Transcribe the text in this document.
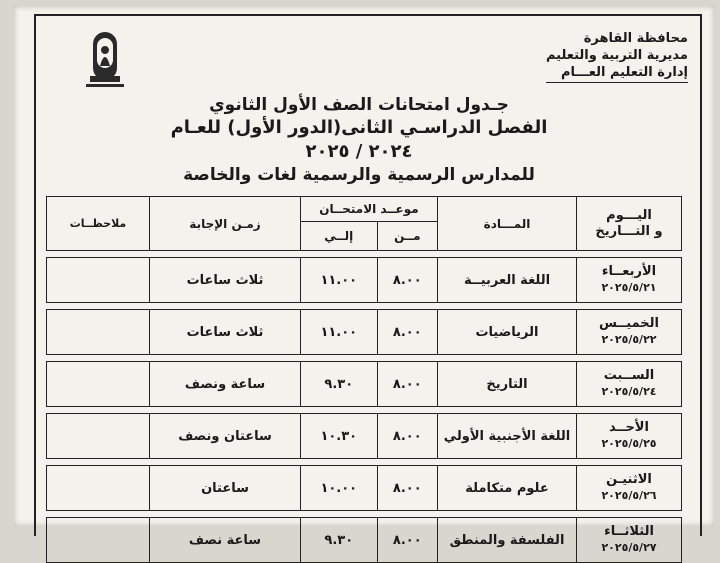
محافظة القاهرة
مديرية التربية والتعليم
إدارة التعليم العـــام
جـدول امتحانات الصف الأول الثانوي
الفصل الدراسـي الثانى(الدور الأول) للعـام ٢٠٢٤ / ٢٠٢٥
للمدارس الرسمية والرسمية لغات والخاصة
اليـــوم
و التـــاريخ	المـــادة	موعــد الامتحــان		زمـن الإجابة	ملاحظــات
		مــن	إلــي		

الأربعــاء
٢٠٢٥/٥/٢١	اللغة العربيــة	٨.٠٠	١١.٠٠	ثلاث ساعات	

الخميــس
٢٠٢٥/٥/٢٢	الرياضيات	٨.٠٠	١١.٠٠	ثلاث ساعات	

الســبت
٢٠٢٥/٥/٢٤	التاريخ	٨.٠٠	٩.٣٠	ساعة ونصف	

الأحــد
٢٠٢٥/٥/٢٥	اللغة الأجنبية الأولي	٨.٠٠	١٠.٣٠	ساعتان ونصف	

الاثنيـن
٢٠٢٥/٥/٢٦	علوم متكاملة	٨.٠٠	١٠.٠٠	ساعتان	

الثلاثــاء
٢٠٢٥/٥/٢٧	الفلسفة والمنطق	٨.٠٠	٩.٣٠	ساعة نصف	
